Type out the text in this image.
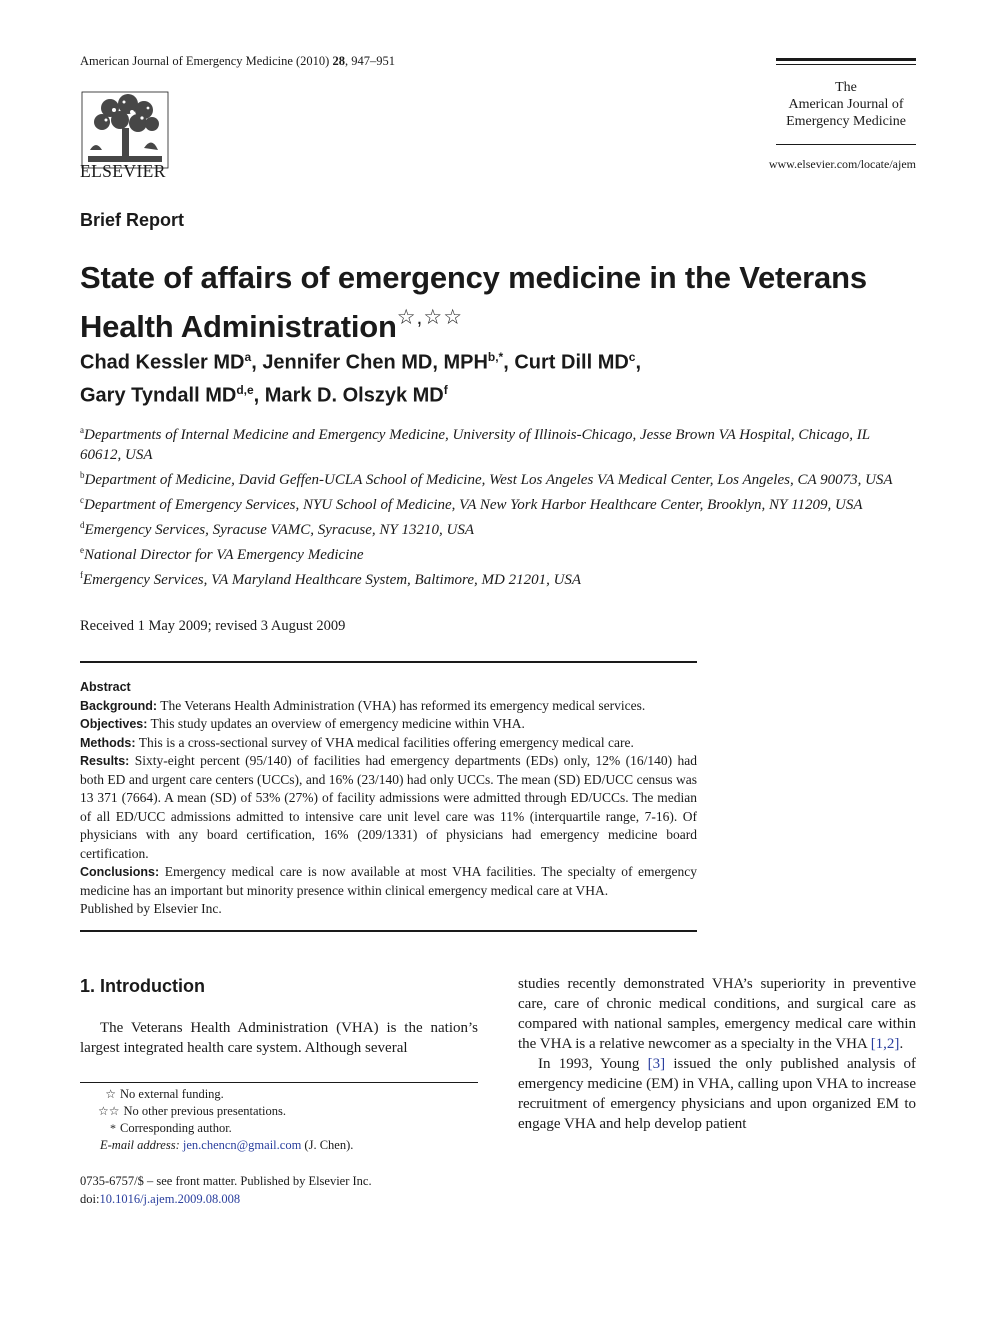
American Journal of Emergency Medicine (2010) 28, 947–951
ELSEVIER
The
American Journal of
Emergency Medicine
www.elsevier.com/locate/ajem
Brief Report
State of affairs of emergency medicine in the Veterans Health Administration☆,☆☆
Chad Kessler $MD^a$, Jennifer Chen MD, $MPH^{b,*}$, Curt Dill $MD^c$,
Gary Tyndall MD$^{d,e}$, Mark D. Olszyk $MD^f$
$^a$Departments of Internal Medicine and Emergency Medicine, University of Illinois-Chicago, Jesse Brown VA Hospital, Chicago, IL 60612, USA
$^b$Department of Medicine, David Geffen-UCLA School of Medicine, West Los Angeles VA Medical Center, Los Angeles, CA 90073, USA
$^c$Department of Emergency Services, NYU School of Medicine, VA New York Harbor Healthcare Center, Brooklyn, NY 11209, USA
$^d$Emergency Services, Syracuse VAMC, Syracuse, NY 13210, USA
$^e$National Director for VA Emergency Medicine
$^f$Emergency Services, VA Maryland Healthcare System, Baltimore, MD 21201, USA
Received 1 May 2009; revised 3 August 2009
Abstract
Background: The Veterans Health Administration (VHA) has reformed its emergency medical services.
Objectives: This study updates an overview of emergency medicine within VHA.
Methods: This is a cross-sectional survey of VHA medical facilities offering emergency medical care.
Results: Sixty-eight percent (95/140) of facilities had emergency departments (EDs) only, 12% (16/140) had both ED and urgent care centers (UCCs), and 16% (23/140) had only UCCs. The mean (SD) ED/UCC census was 13 371 (7664). A mean (SD) of 53% (27%) of facility admissions were admitted through ED/UCCs. The median of all ED/UCC admissions admitted to intensive care unit level care was 11% (interquartile range, 7-16). Of physicians with any board certification, 16% (209/1331) of physicians had emergency medicine board certification.
Conclusions: Emergency medical care is now available at most VHA facilities. The specialty of emergency medicine has an important but minority presence within clinical emergency medical care at VHA.
Published by Elsevier Inc.
1. Introduction
The Veterans Health Administration (VHA) is the nation’s largest integrated health care system. Although several

studies recently demonstrated VHA’s superiority in preventive care, care of chronic medical conditions, and surgical care as compared with national samples, emergency medical care within the VHA is a relative newcomer as a specialty in the VHA [1,2].

In 1993, Young [3] issued the only published analysis of emergency medicine (EM) in VHA, calling upon VHA to increase recruitment of emergency physicians and upon organized EM to engage VHA and help develop patient

☆ No external funding.
☆☆ No other previous presentations.
* Corresponding author.
E-mail address: jen.chencn@gmail.com (J. Chen).
0735-6757/$ – see front matter. Published by Elsevier Inc.
doi:10.1016/j.ajem.2009.08.008
